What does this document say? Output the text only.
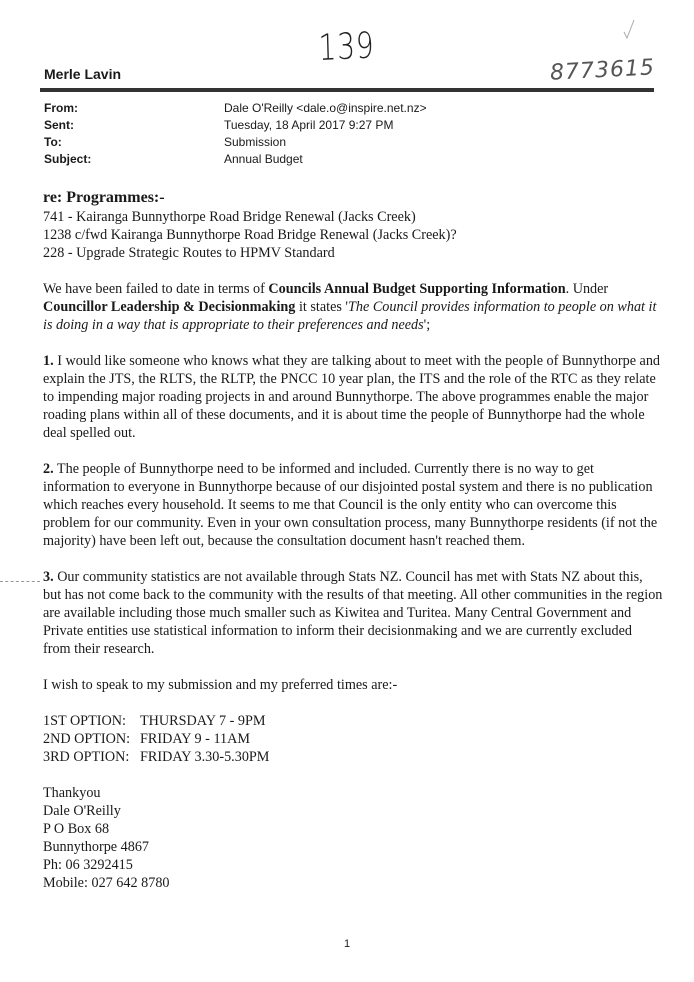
139
8773615
Merle Lavin
From:	Dale O'Reilly <dale.o@inspire.net.nz>
Sent:	Tuesday, 18 April 2017 9:27 PM
To:	Submission
Subject:	Annual Budget
re: Programmes:-

741 - Kairanga Bunnythorpe Road Bridge Renewal (Jacks Creek)

1238 c/fwd Kairanga Bunnythorpe Road Bridge Renewal (Jacks Creek)?

228 - Upgrade Strategic Routes to HPMV Standard

We have been failed to date in terms of Councils Annual Budget Supporting Information. Under Councillor Leadership & Decisionmaking it states 'The Council provides information to people on what it is doing in a way that is appropriate to their preferences and needs';

1. I would like someone who knows what they are talking about to meet with the people of Bunnythorpe and explain the JTS, the RLTS, the RLTP, the PNCC 10 year plan, the ITS and the role of the RTC as they relate to impending major roading projects in and around Bunnythorpe. The above programmes enable the major roading plans within all of these documents, and it is about time the people of Bunnythorpe had the whole deal spelled out.

2. The people of Bunnythorpe need to be informed and included. Currently there is no way to get information to everyone in Bunnythorpe because of our disjointed postal system and there is no publication which reaches every household. It seems to me that Council is the only entity who can overcome this problem for our community. Even in your own consultation process, many Bunnythorpe residents (if not the majority) have been left out, because the consultation document hasn't reached them.

3. Our community statistics are not available through Stats NZ. Council has met with Stats NZ about this, but has not come back to the community with the results of that meeting. All other communities in the region are available including those much smaller such as Kiwitea and Turitea. Many Central Government and Private entities use statistical information to inform their decisionmaking and we are currently excluded from their research.

I wish to speak to my submission and my preferred times are:-

1ST OPTION: THURSDAY 7 - 9PM
2ND OPTION: FRIDAY 9 - 11AM
3RD OPTION: FRIDAY 3.30-5.30PM

Thankyou

Dale O'Reilly

P O Box 68

Bunnythorpe 4867

Ph: 06 3292415

Mobile: 027 642 8780

1
